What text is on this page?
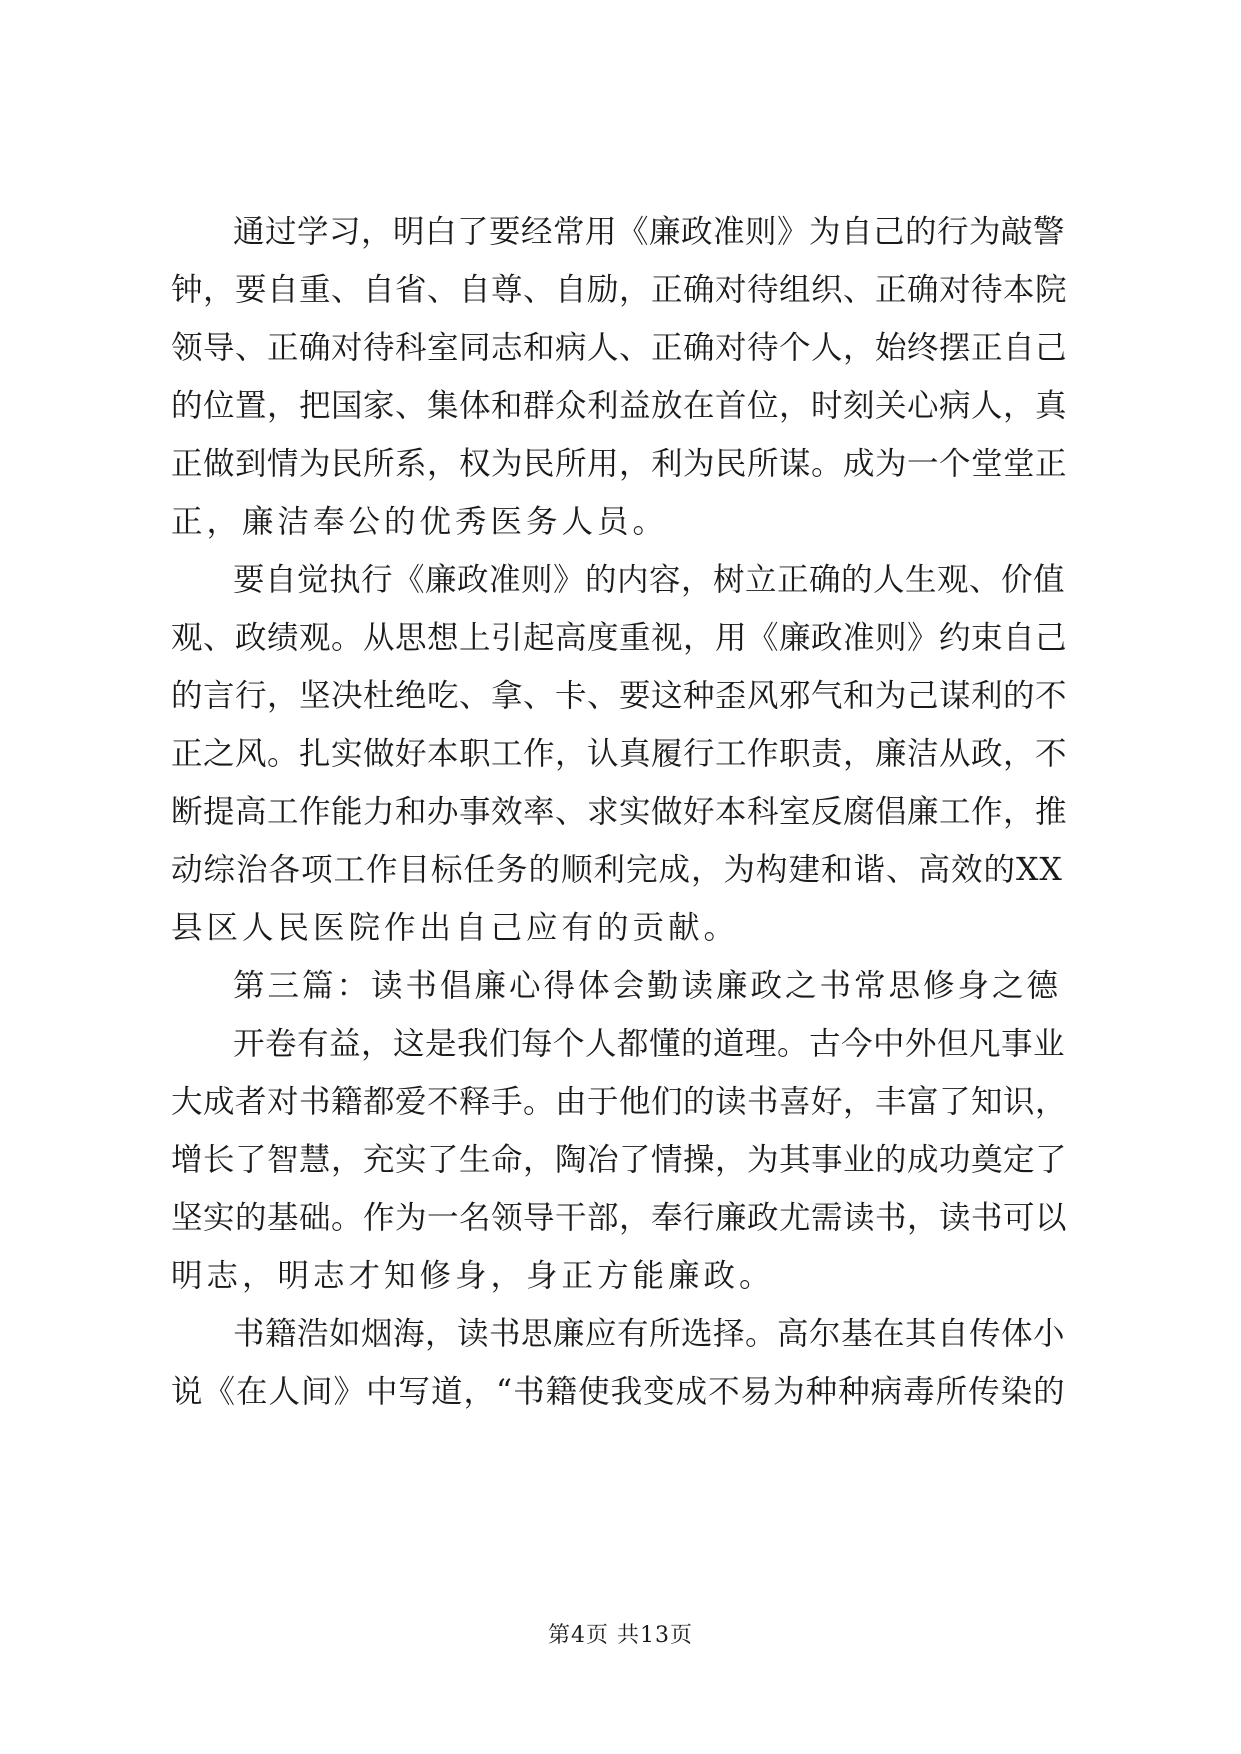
通过学习，明白了要经常用《廉政准则》为自己的行为敲警
钟，要自重、自省、自尊、自励，正确对待组织、正确对待本院
领导、正确对待科室同志和病人、正确对待个人，始终摆正自己
的位置，把国家、集体和群众利益放在首位，时刻关心病人，真
正做到情为民所系，权为民所用，利为民所谋。成为一个堂堂正
正，廉洁奉公的优秀医务人员。
要自觉执行《廉政准则》的内容，树立正确的人生观、价值
观、政绩观。从思想上引起高度重视，用《廉政准则》约束自己
的言行，坚决杜绝吃、拿、卡、要这种歪风邪气和为己谋利的不
正之风。扎实做好本职工作，认真履行工作职责，廉洁从政，不
断提高工作能力和办事效率、求实做好本科室反腐倡廉工作，推
动综治各项工作目标任务的顺利完成，为构建和谐、高效的XX
县区人民医院作出自己应有的贡献。
第三篇：读书倡廉心得体会勤读廉政之书常思修身之德
开卷有益，这是我们每个人都懂的道理。古今中外但凡事业
大成者对书籍都爱不释手。由于他们的读书喜好，丰富了知识，
增长了智慧，充实了生命，陶冶了情操，为其事业的成功奠定了
坚实的基础。作为一名领导干部，奉行廉政尤需读书，读书可以
明志，明志才知修身，身正方能廉政。
书籍浩如烟海，读书思廉应有所选择。高尔基在其自传体小
说《在人间》中写道，“书籍使我变成不易为种种病毒所传染的
第4页 共13页
